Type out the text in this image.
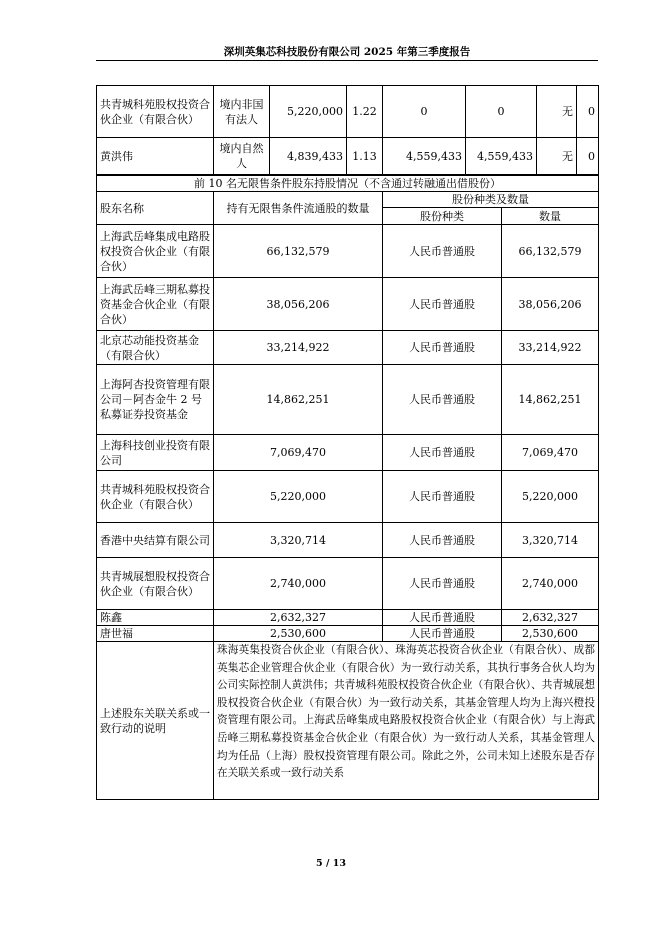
深圳英集芯科技股份有限公司 2025 年第三季度报告
共青城科苑股权投资合伙企业（有限合伙）	境内非国有法人	5,220,000	1.22	0	0	无	0
黄洪伟	境内自然人	4,839,433	1.13	4,559,433	4,559,433	无	0
前 10 名无限售条件股东持股情况（不含通过转融通出借股份）			
股东名称	持有无限售条件流通股的数量	股份种类及数量	
		股份种类	数量
上海武岳峰集成电路股权投资合伙企业（有限合伙）	66,132,579	人民币普通股	66,132,579
上海武岳峰三期私募投资基金合伙企业（有限合伙）	38,056,206	人民币普通股	38,056,206
北京芯动能投资基金（有限合伙）	33,214,922	人民币普通股	33,214,922
上海阿杏投资管理有限公司－阿杏金牛 2 号私募证券投资基金	14,862,251	人民币普通股	14,862,251
上海科技创业投资有限公司	7,069,470	人民币普通股	7,069,470
共青城科苑股权投资合伙企业（有限合伙）	5,220,000	人民币普通股	5,220,000
香港中央结算有限公司	3,320,714	人民币普通股	3,320,714
共青城展想股权投资合伙企业（有限合伙）	2,740,000	人民币普通股	2,740,000
陈鑫	2,632,327	人民币普通股	2,632,327
唐世福	2,530,600	人民币普通股	2,530,600
上述股东关联关系或一致行动的说明	珠海英集投资合伙企业（有限合伙）、珠海英芯投资合伙企业（有限合伙）、成都英集芯企业管理合伙企业（有限合伙）为一致行动关系，其执行事务合伙人均为公司实际控制人黄洪伟；共青城科苑股权投资合伙企业（有限合伙）、共青城展想股权投资合伙企业（有限合伙）为一致行动关系，其基金管理人均为上海兴橙投资管理有限公司。上海武岳峰集成电路股权投资合伙企业（有限合伙）与上海武岳峰三期私募投资基金合伙企业（有限合伙）为一致行动人关系，其基金管理人均为任品（上海）股权投资管理有限公司。除此之外，公司未知上述股东是否存在关联关系或一致行动关系		
5 / 13
